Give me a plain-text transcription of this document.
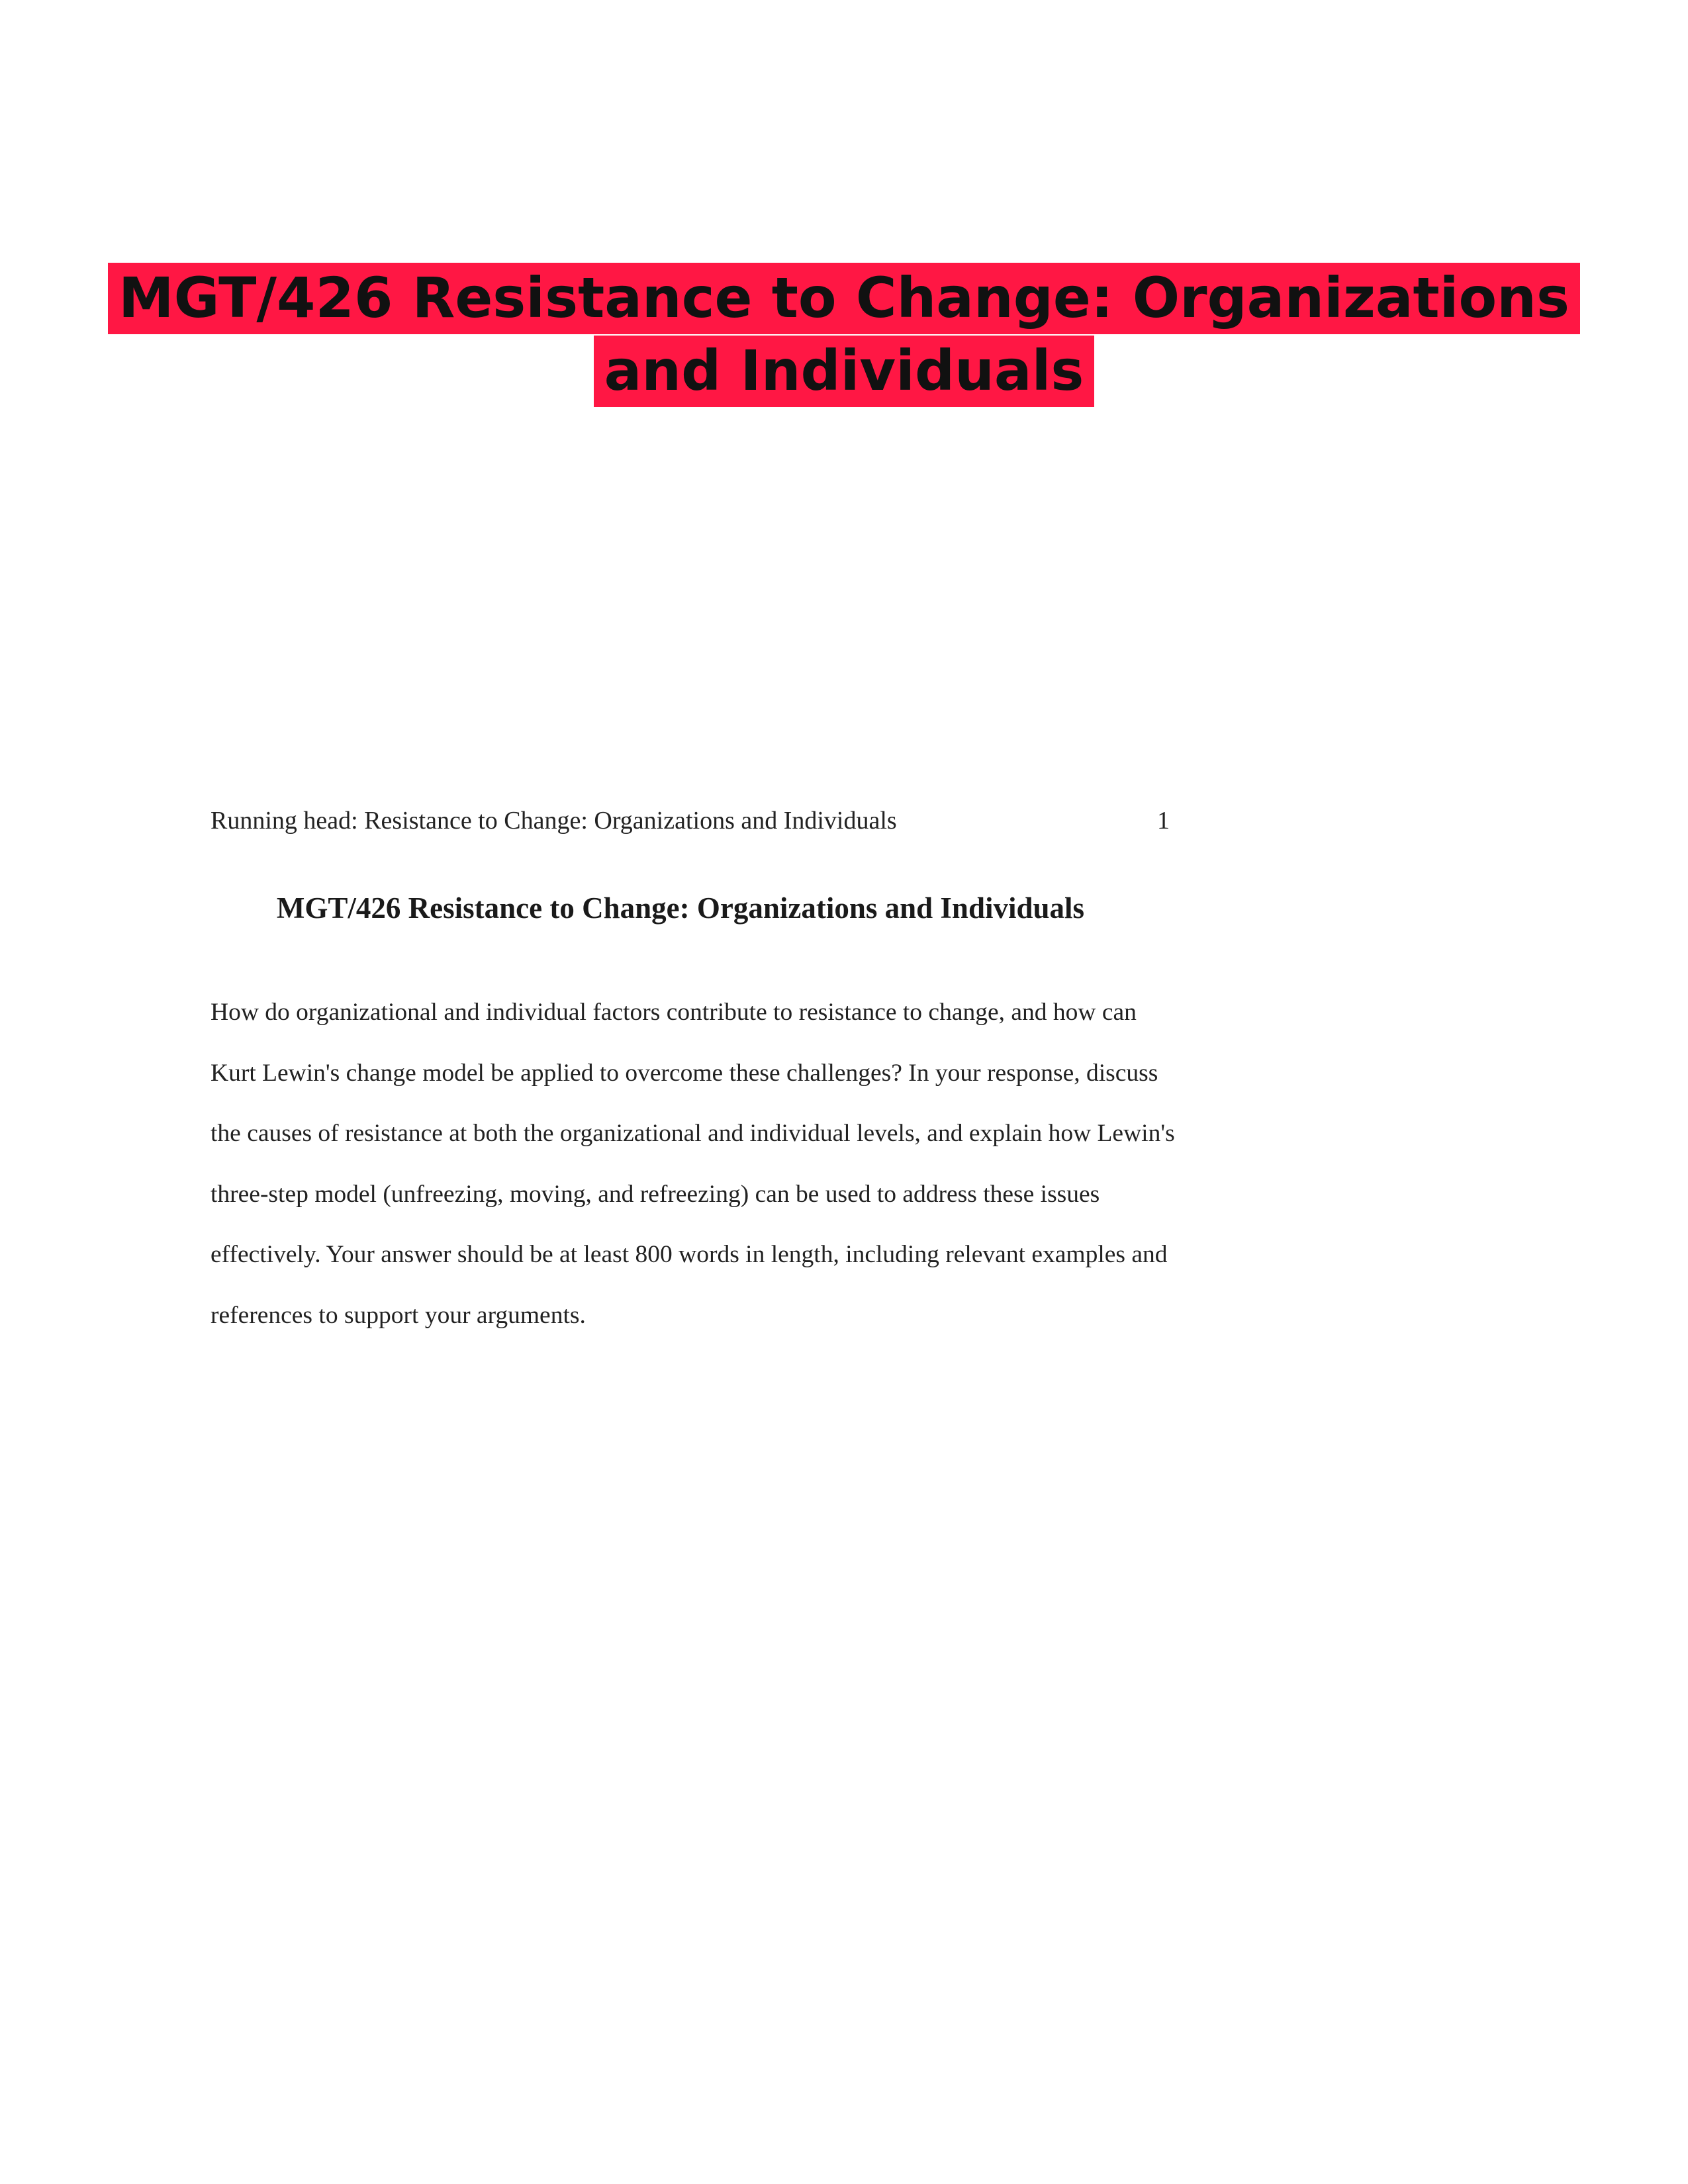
MGT/426 Resistance to Change: Organizations
and Individuals
Running head: Resistance to Change: Organizations and Individuals	1
MGT/426 Resistance to Change: Organizations and Individuals
How do organizational and individual factors contribute to resistance to change, and how can
Kurt Lewin's change model be applied to overcome these challenges? In your response, discuss
the causes of resistance at both the organizational and individual levels, and explain how Lewin's
three-step model (unfreezing, moving, and refreezing) can be used to address these issues
effectively. Your answer should be at least 800 words in length, including relevant examples and
references to support your arguments.
